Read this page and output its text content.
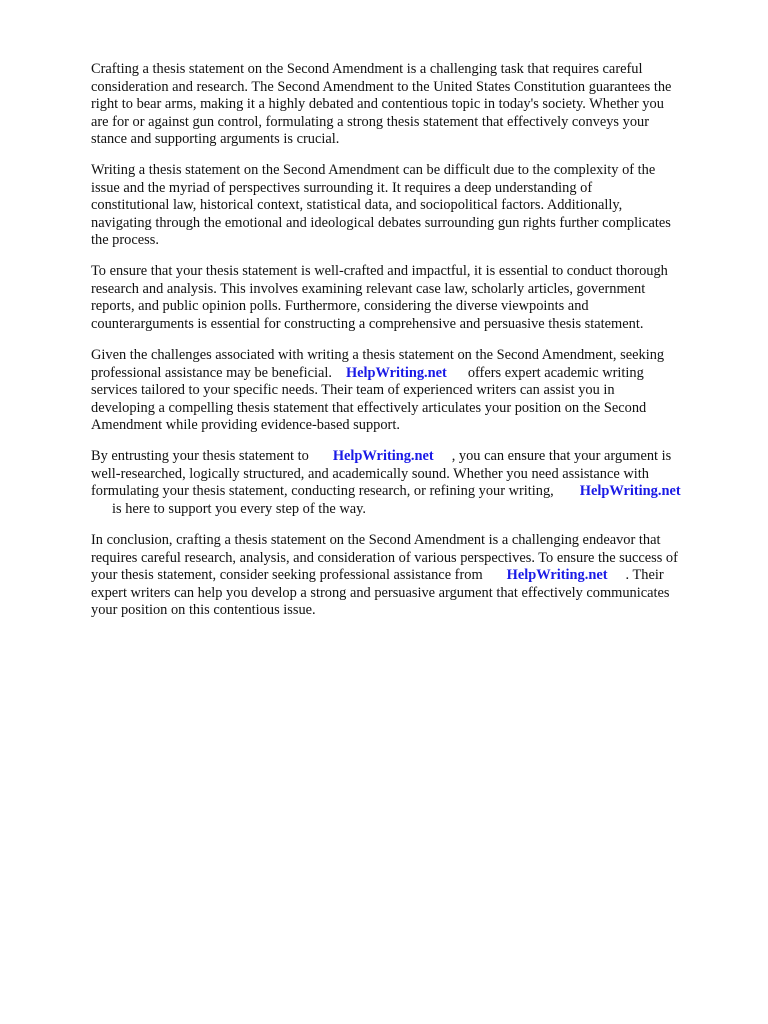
Crafting a thesis statement on the Second Amendment is a challenging task that requires careful
consideration and research. The Second Amendment to the United States Constitution guarantees the
right to bear arms, making it a highly debated and contentious topic in today's society. Whether you
are for or against gun control, formulating a strong thesis statement that effectively conveys your
stance and supporting arguments is crucial.
Writing a thesis statement on the Second Amendment can be difficult due to the complexity of the
issue and the myriad of perspectives surrounding it. It requires a deep understanding of
constitutional law, historical context, statistical data, and sociopolitical factors. Additionally,
navigating through the emotional and ideological debates surrounding gun rights further complicates
the process.
To ensure that your thesis statement is well-crafted and impactful, it is essential to conduct thorough
research and analysis. This involves examining relevant case law, scholarly articles, government
reports, and public opinion polls. Furthermore, considering the diverse viewpoints and
counterarguments is essential for constructing a comprehensive and persuasive thesis statement.
Given the challenges associated with writing a thesis statement on the Second Amendment, seeking
professional assistance may be beneficial. HelpWriting.net offers expert academic writing
services tailored to your specific needs. Their team of experienced writers can assist you in
developing a compelling thesis statement that effectively articulates your position on the Second
Amendment while providing evidence-based support.
By entrusting your thesis statement to HelpWriting.net , you can ensure that your argument is
well-researched, logically structured, and academically sound. Whether you need assistance with
formulating your thesis statement, conducting research, or refining your writing, HelpWriting.net
is here to support you every step of the way.
In conclusion, crafting a thesis statement on the Second Amendment is a challenging endeavor that
requires careful research, analysis, and consideration of various perspectives. To ensure the success of
your thesis statement, consider seeking professional assistance from HelpWriting.net . Their
expert writers can help you develop a strong and persuasive argument that effectively communicates
your position on this contentious issue.
